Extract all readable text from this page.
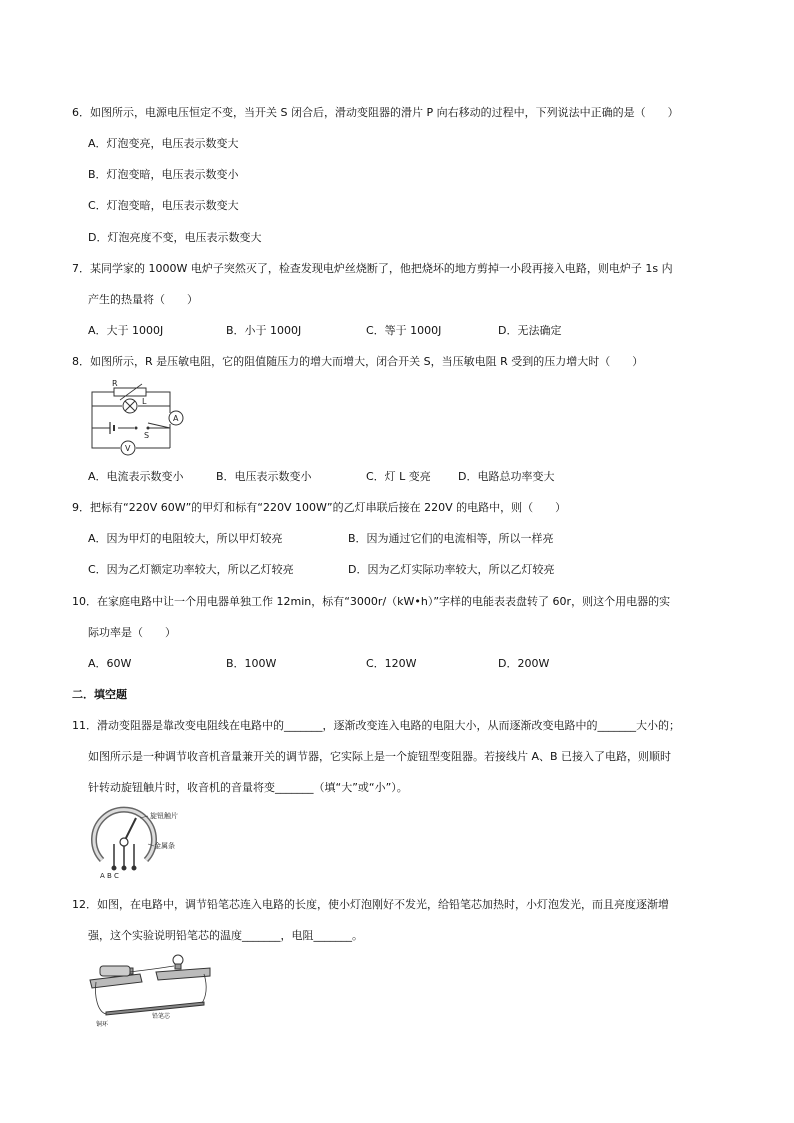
6．如图所示，电源电压恒定不变，当开关 S 闭合后，滑动变阻器的滑片 P 向右移动的过程中，下列说法中正确的是（　　）
A．灯泡变亮，电压表示数变大
B．灯泡变暗，电压表示数变小
C．灯泡变暗，电压表示数变大
D．灯泡亮度不变，电压表示数变大
7．某同学家的 1000W 电炉子突然灭了，检查发现电炉丝烧断了，他把烧坏的地方剪掉一小段再接入电路，则电炉子 1s 内
产生的热量将（　　）
A．大于 1000J	B．小于 1000J	C．等于 1000J	D．无法确定
8．如图所示，R 是压敏电阻，它的阻值随压力的增大而增大，闭合开关 S，当压敏电阻 R 受到的压力增大时（　　）
R
L
S
A
V
A．电流表示数变小	B．电压表示数变小	C．灯 L 变亮 D．电路总功率变大
9．把标有“220V 60W”的甲灯和标有“220V 100W”的乙灯串联后接在 220V 的电路中，则（　　）
A．因为甲灯的电阻较大，所以甲灯较亮	B．因为通过它们的电流相等，所以一样亮
C．因为乙灯额定功率较大，所以乙灯较亮	D．因为乙灯实际功率较大，所以乙灯较亮
10．在家庭电路中让一个用电器单独工作 12min，标有“3000r/（kW•h）”字样的电能表表盘转了 60r，则这个用电器的实
际功率是（　　）
A．60W	B．100W	C．120W	D．200W
二．填空题
11．滑动变阻器是靠改变电阻线在电路中的_______，逐渐改变连入电路的电阻大小，从而逐渐改变电路中的_______大小的；
如图所示是一种调节收音机音量兼开关的调节器，它实际上是一个旋钮型变阻器。若接线片 A、B 已接入了电路，则顺时
针转动旋钮触片时，收音机的音量将变_______（填“大”或“小”）。
旋钮触片
金属条
A B C
12．如图，在电路中，调节铅笔芯连入电路的长度，使小灯泡刚好不发光，给铅笔芯加热时，小灯泡发光，而且亮度逐渐增
强，这个实验说明铅笔芯的温度_______，电阻_______。
铜环
铅笔芯
